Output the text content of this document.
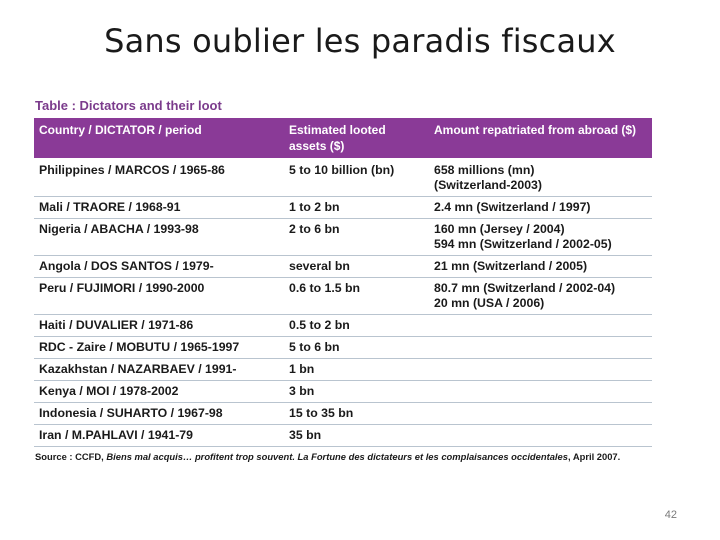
Sans oublier les paradis fiscaux
Table : Dictators and their loot
Country / DICTATOR / period	Estimated looted assets ($)	Amount repatriated from abroad ($)
Philippines / MARCOS / 1965-86	5 to 10 billion (bn)	658 millions (mn)
(Switzerland-2003)

Mali / TRAORE / 1968-91	1 to 2 bn	2.4 mn (Switzerland / 1997)

Nigeria / ABACHA / 1993-98	2 to 6 bn	160 mn (Jersey / 2004)
594 mn (Switzerland / 2002-05)

Angola / DOS SANTOS / 1979-	several bn	21 mn (Switzerland / 2005)

Peru / FUJIMORI / 1990-2000	0.6 to 1.5 bn	80.7 mn (Switzerland / 2002-04)
20 mn (USA / 2006)

Haiti / DUVALIER / 1971-86	0.5 to 2 bn	
RDC - Zaire / MOBUTU / 1965-1997	5 to 6 bn	
Kazakhstan / NAZARBAEV / 1991-	1 bn	
Kenya / MOI / 1978-2002	3 bn	
Indonesia / SUHARTO / 1967-98	15 to 35 bn	
Iran / M.PAHLAVI / 1941-79	35 bn	
Source : CCFD, Biens mal acquis… profitent trop souvent. La Fortune des dictateurs et les complaisances occidentales, April 2007.
42
